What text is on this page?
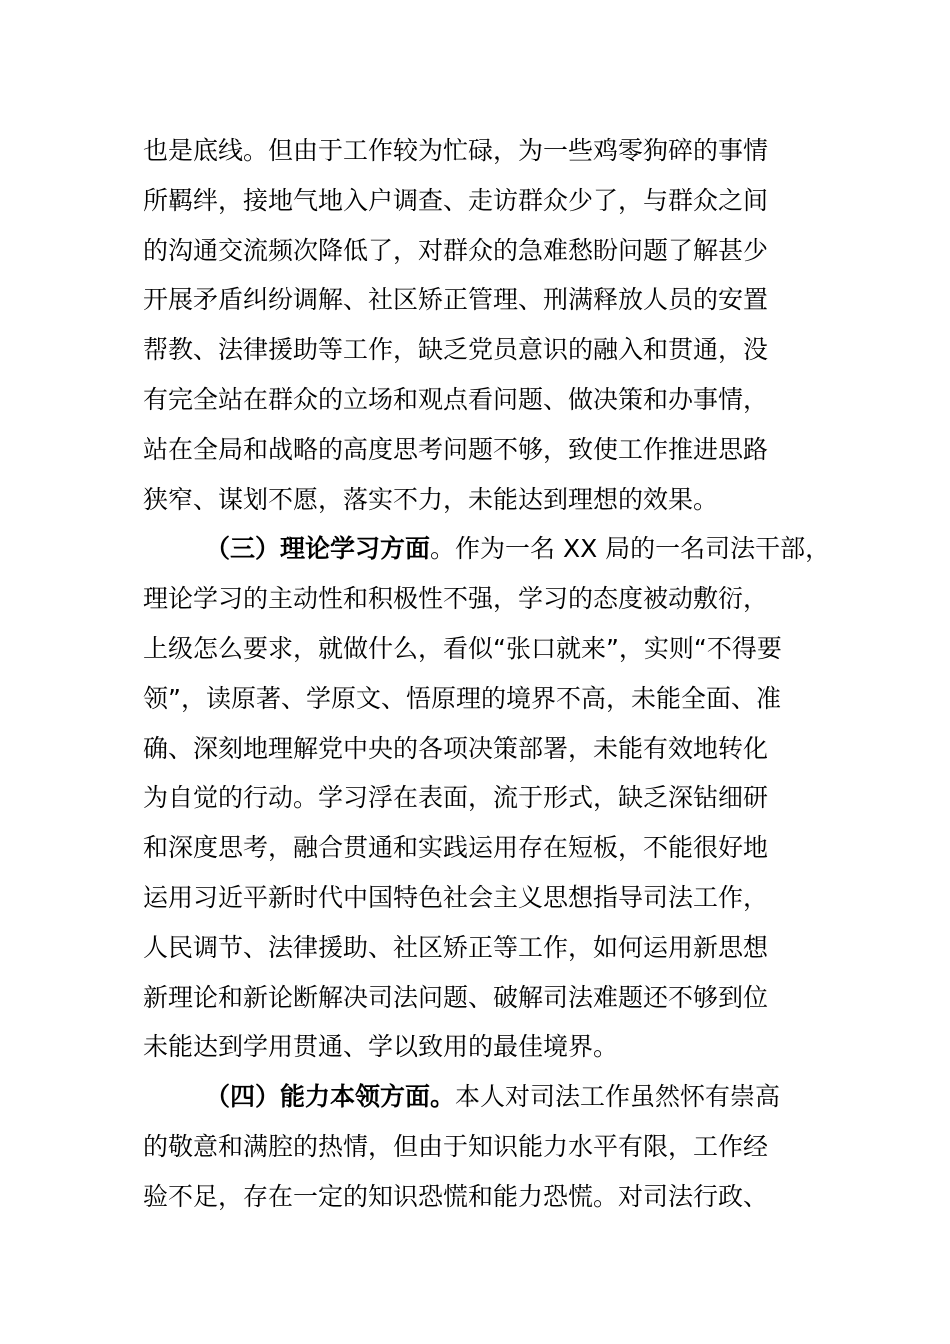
也是底线。但由于工作较为忙碌，为一些鸡零狗碎的事情
所羁绊，接地气地入户调查、走访群众少了，与群众之间
的沟通交流频次降低了，对群众的急难愁盼问题了解甚少
开展矛盾纠纷调解、社区矫正管理、刑满释放人员的安置
帮教、法律援助等工作，缺乏党员意识的融入和贯通，没
有完全站在群众的立场和观点看问题、做决策和办事情，
站在全局和战略的高度思考问题不够，致使工作推进思路
狭窄、谋划不愿，落实不力，未能达到理想的效果。
（三）理论学习方面。作为一名 XX 局的一名司法干部，
理论学习的主动性和积极性不强，学习的态度被动敷衍，
上级怎么要求，就做什么，看似“张口就来”，实则“不得要
领”，读原著、学原文、悟原理的境界不高，未能全面、准
确、深刻地理解党中央的各项决策部署，未能有效地转化
为自觉的行动。学习浮在表面，流于形式，缺乏深钻细研
和深度思考，融合贯通和实践运用存在短板，不能很好地
运用习近平新时代中国特色社会主义思想指导司法工作，
人民调节、法律援助、社区矫正等工作，如何运用新思想
新理论和新论断解决司法问题、破解司法难题还不够到位
未能达到学用贯通、学以致用的最佳境界。
（四）能力本领方面。本人对司法工作虽然怀有崇高
的敬意和满腔的热情，但由于知识能力水平有限，工作经
验不足，存在一定的知识恐慌和能力恐慌。对司法行政、
